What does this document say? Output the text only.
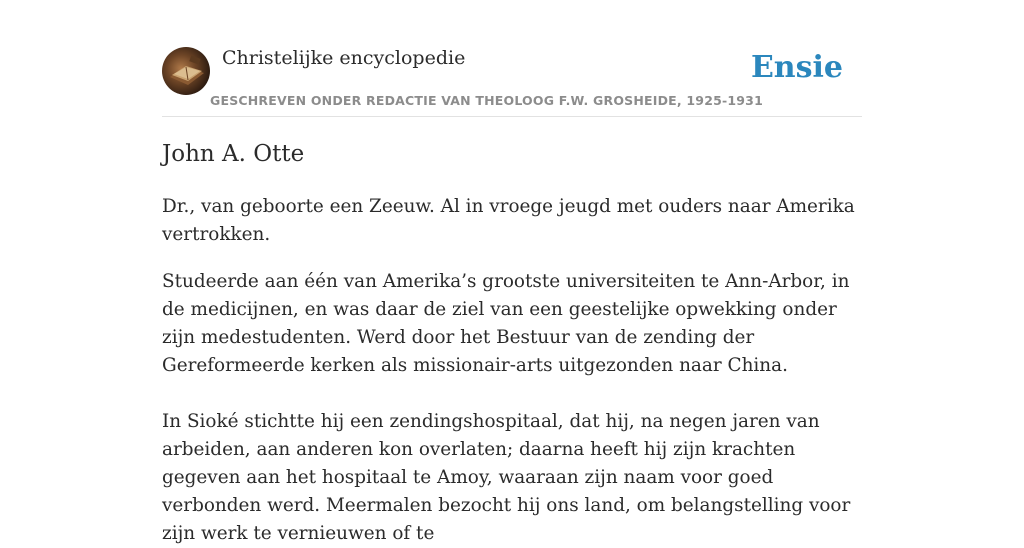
Christelijke encyclopedie
GESCHREVEN ONDER REDACTIE VAN THEOLOOG F.W. GROSHEIDE, 1925-1931
Ensie
John A. Otte

Dr., van geboorte een Zeeuw. Al in vroege jeugd met ouders naar Amerika vertrokken.

Studeerde aan één van Amerika’s grootste universiteiten te Ann-Arbor, in de medicijnen, en was daar de ziel van een geestelijke opwekking onder zijn medestudenten. Werd door het Bestuur van de zending der Gereformeerde kerken als missionair-arts uitgezonden naar China.

In Sioké stichtte hij een zendingshospitaal, dat hij, na negen jaren van arbeiden, aan anderen kon overlaten; daarna heeft hij zijn krachten gegeven aan het hospitaal te Amoy, waaraan zijn naam voor goed verbonden werd. Meermalen bezocht hij ons land, om belangstelling voor zijn werk te vernieuwen of te
